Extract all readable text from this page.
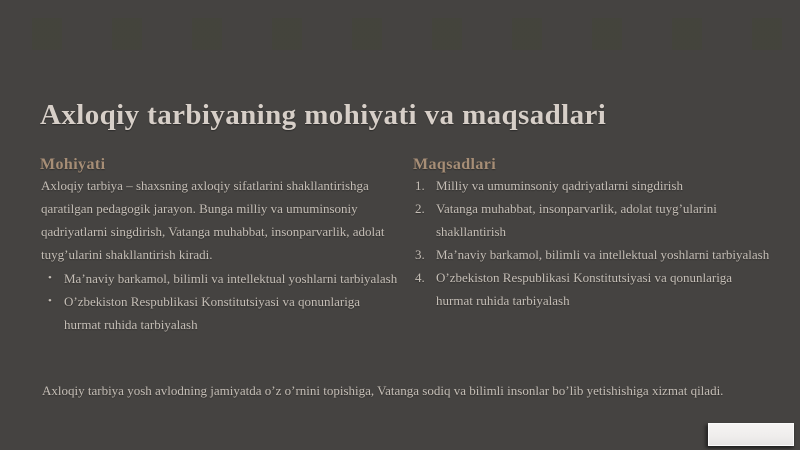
Axloqiy tarbiyaning mohiyati va maqsadlari
Mohiyati	Maqsadlari

Axloqiy tarbiya – shaxsning axloqiy sifatlarini shakllantirishga qaratilgan pedagogik jarayon. Bunga milliy va umuminsoniy qadriyatlarni singdirish, Vatanga muhabbat, insonparvarlik, adolat tuyg’ularini shakllantirish kiradi.

• Ma’naviy barkamol, bilimli va intellektual yoshlarni tarbiyalash
• O’zbekiston Respublikasi Konstitutsiyasi va qonunlariga hurmat ruhida tarbiyalash
1. Milliy va umuminsoniy qadriyatlarni singdirish
2. Vatanga muhabbat, insonparvarlik, adolat tuyg’ularini shakllantirish
3. Ma’naviy barkamol, bilimli va intellektual yoshlarni tarbiyalash
4. O’zbekiston Respublikasi Konstitutsiyasi va qonunlariga hurmat ruhida tarbiyalash

Axloqiy tarbiya yosh avlodning jamiyatda o’z o’rnini topishiga, Vatanga sodiq va bilimli insonlar bo’lib yetishishiga xizmat qiladi.
